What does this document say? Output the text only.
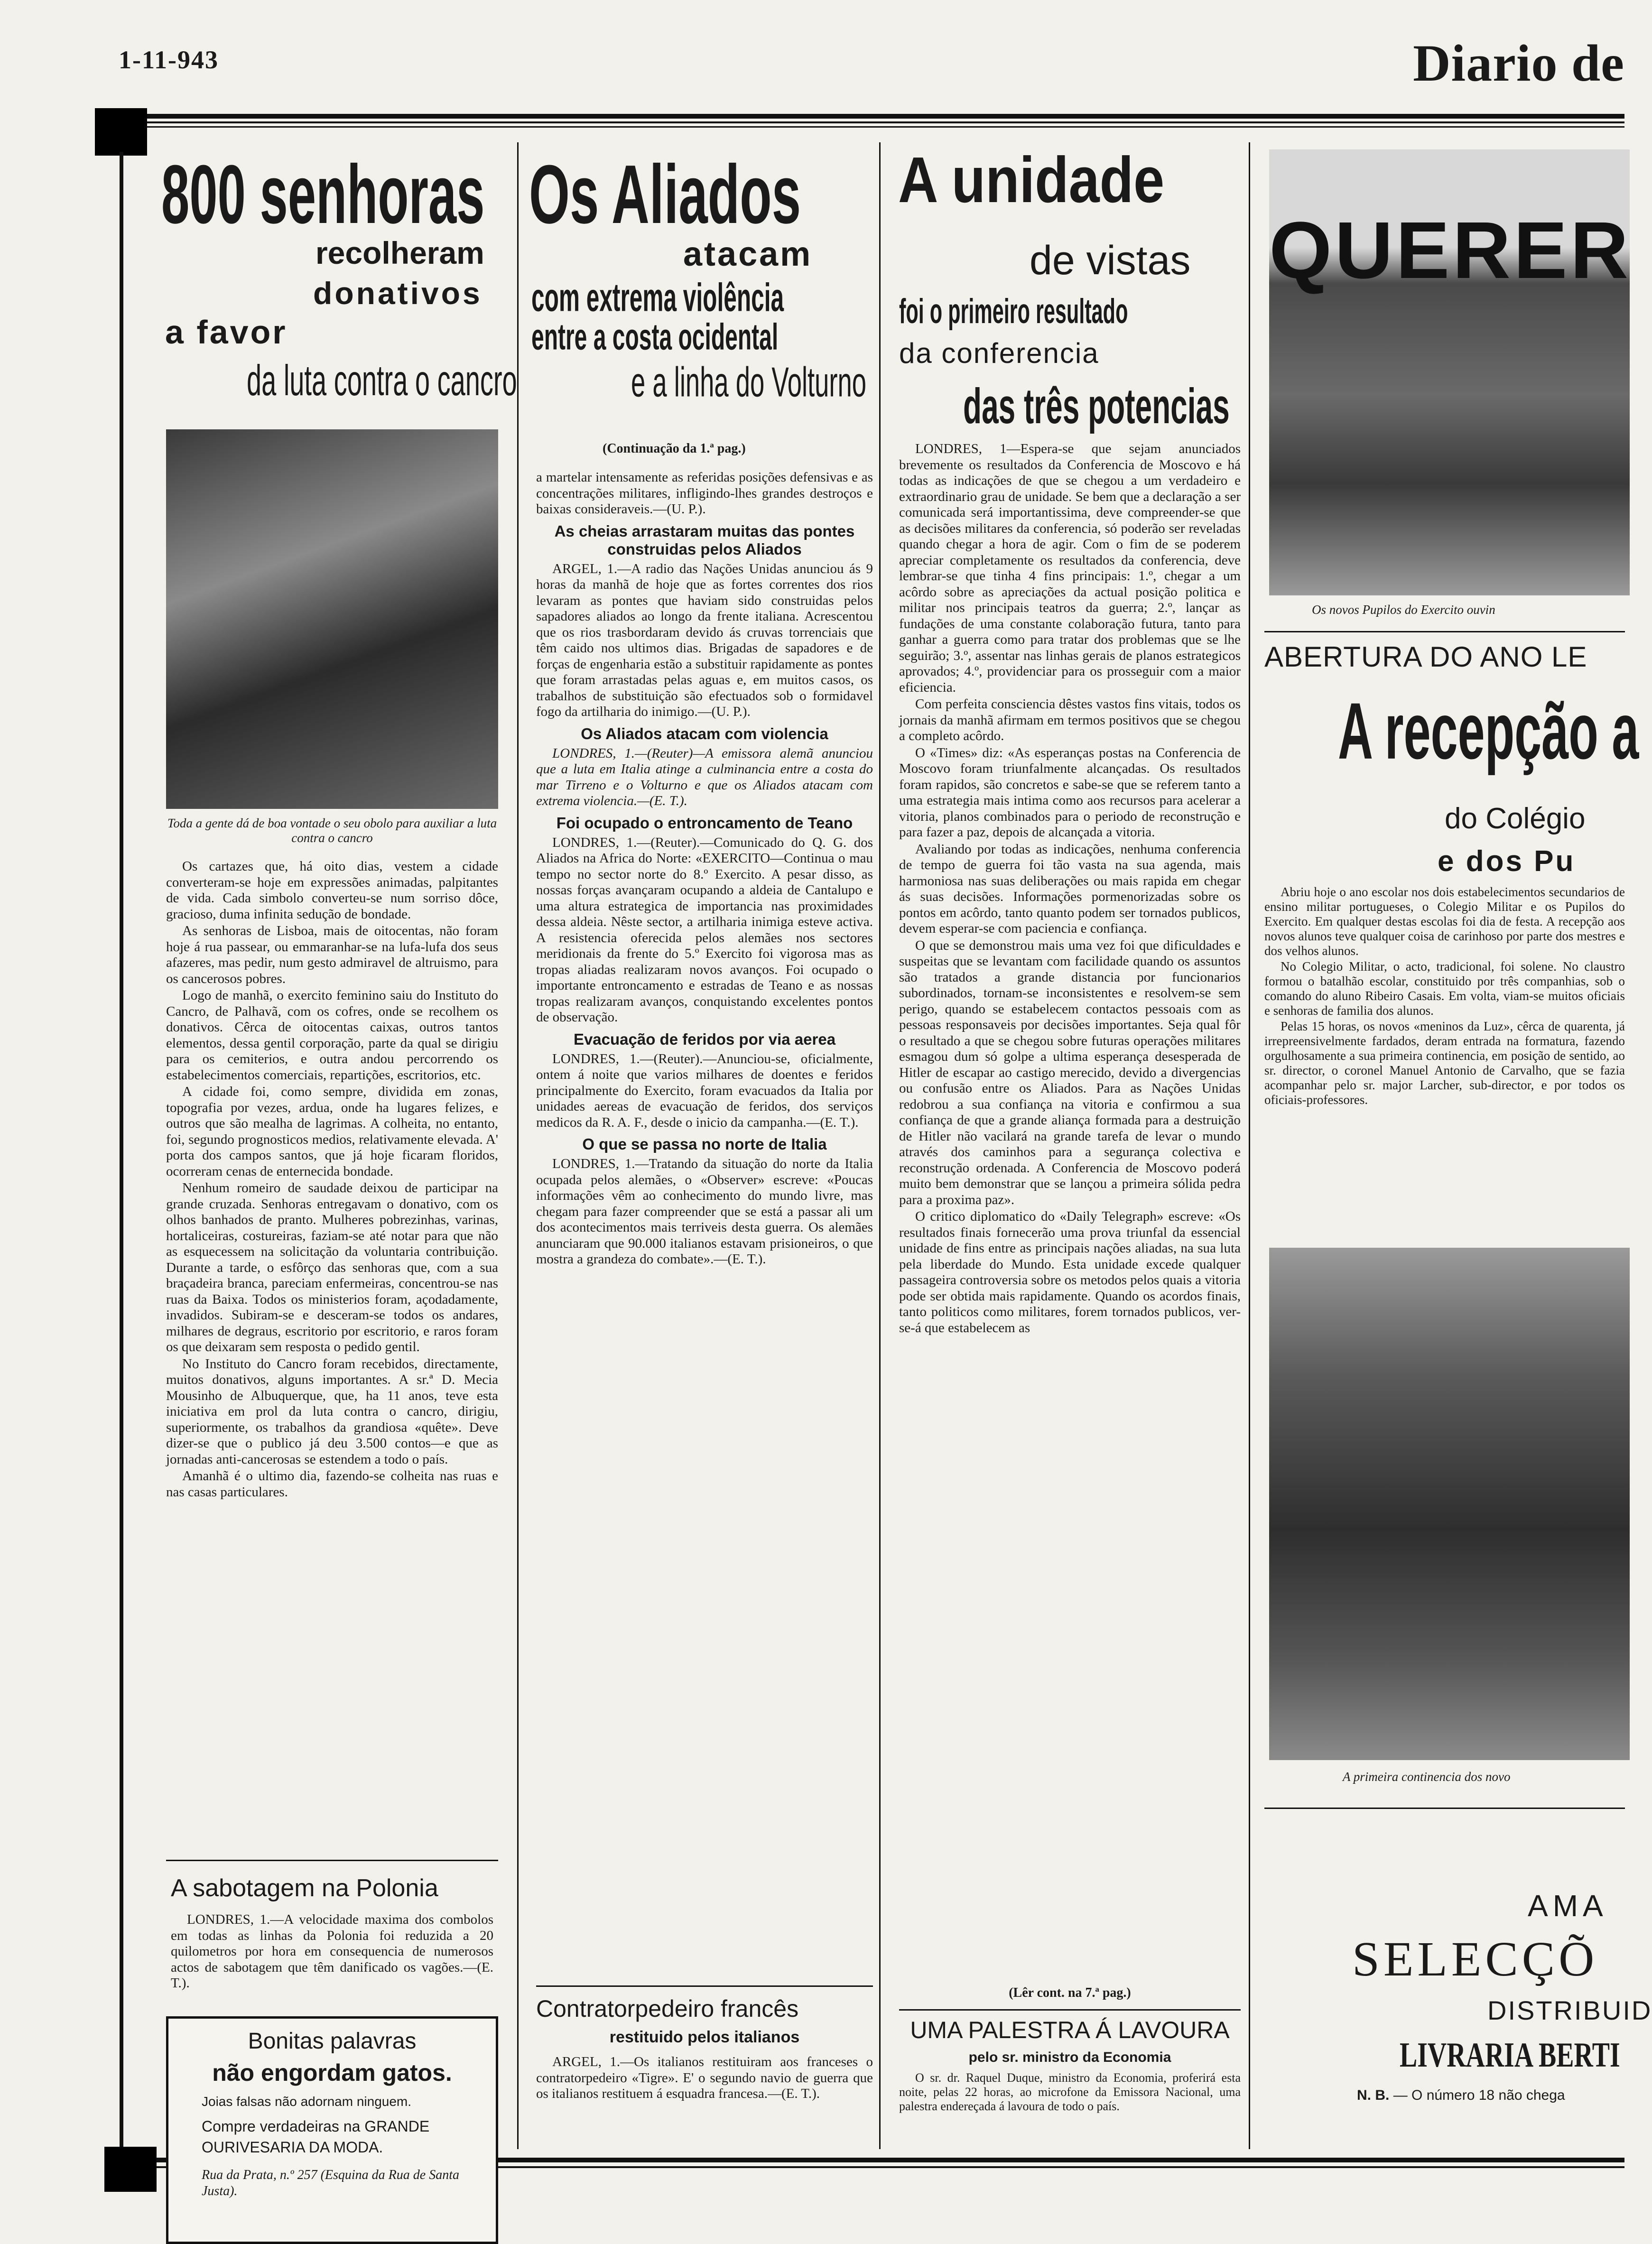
1-11-943	Diario de
800 senhoras
recolheram
donativos
a favor
da luta contra o cancro
Toda a gente dá de boa vontade o seu obolo para auxiliar a luta contra o cancro

Os cartazes que, há oito dias, vestem a cidade converteram-se hoje em expressões animadas, palpitantes de vida. Cada simbolo converteu-se num sorriso dôce, gracioso, duma infinita sedução de bondade.

As senhoras de Lisboa, mais de oitocentas, não foram hoje á rua passear, ou emmaranhar-se na lufa-lufa dos seus afazeres, mas pedir, num gesto admiravel de altruismo, para os cancerosos pobres.

Logo de manhã, o exercito feminino saiu do Instituto do Cancro, de Palhavã, com os cofres, onde se recolhem os donativos. Cêrca de oitocentas caixas, outros tantos elementos, dessa gentil corporação, parte da qual se dirigiu para os cemiterios, e outra andou percorrendo os estabelecimentos comerciais, repartições, escritorios, etc.

A cidade foi, como sempre, dividida em zonas, topografia por vezes, ardua, onde ha lugares felizes, e outros que são mealha de lagrimas. A colheita, no entanto, foi, segundo prognosticos medios, relativamente elevada. A' porta dos campos santos, que já hoje ficaram floridos, ocorreram cenas de enternecida bondade.

Nenhum romeiro de saudade deixou de participar na grande cruzada. Senhoras entregavam o donativo, com os olhos banhados de pranto. Mulheres pobrezinhas, varinas, hortaliceiras, costureiras, faziam-se até notar para que não as esquecessem na solicitação da voluntaria contribuição. Durante a tarde, o esfôrço das senhoras que, com a sua braçadeira branca, pareciam enfermeiras, concentrou-se nas ruas da Baixa. Todos os ministerios foram, açodadamente, invadidos. Subiram-se e desceram-se todos os andares, milhares de degraus, escritorio por escritorio, e raros foram os que deixaram sem resposta o pedido gentil.

No Instituto do Cancro foram recebidos, directamente, muitos donativos, alguns importantes. A sr.ª D. Mecia Mousinho de Albuquerque, que, ha 11 anos, teve esta iniciativa em prol da luta contra o cancro, dirigiu, superiormente, os trabalhos da grandiosa «quête». Deve dizer-se que o publico já deu 3.500 contos—e que as jornadas anti-cancerosas se estendem a todo o país.

Amanhã é o ultimo dia, fazendo-se colheita nas ruas e nas casas particulares.

A sabotagem na Polonia

LONDRES, 1.—A velocidade maxima dos combolos em todas as linhas da Polonia foi reduzida a 20 quilometros por hora em consequencia de numerosos actos de sabotagem que têm danificado os vagões.—(E. T.).

Bonitas palavras
não engordam gatos.
Joias falsas não adornam ninguem.
Compre verdadeiras na GRANDE OURIVESARIA DA MODA.
Rua da Prata, n.º 257 (Esquina da Rua de Santa Justa).
Os Aliados
atacam
com extrema violência
entre a costa ocidental
e a linha do Volturno
(Continuação da 1.ª pag.)

a martelar intensamente as referidas posições defensivas e as concentrações militares, infligindo-lhes grandes destroços e baixas consideraveis.—(U. P.).

As cheias arrastaram muitas das pontes construidas pelos Aliados

ARGEL, 1.—A radio das Nações Unidas anunciou ás 9 horas da manhã de hoje que as fortes correntes dos rios levaram as pontes que haviam sido construidas pelos sapadores aliados ao longo da frente italiana. Acrescentou que os rios trasbordaram devido ás cruvas torrenciais que têm caido nos ultimos dias. Brigadas de sapadores e de forças de engenharia estão a substituir rapidamente as pontes que foram arrastadas pelas aguas e, em muitos casos, os trabalhos de substituição são efectuados sob o formidavel fogo da artilharia do inimigo.—(U. P.).

Os Aliados atacam com violencia

LONDRES, 1.—(Reuter)—A emissora alemã anunciou que a luta em Italia atinge a culminancia entre a costa do mar Tirreno e o Volturno e que os Aliados atacam com extrema violencia.—(E. T.).

Foi ocupado o entroncamento de Teano

LONDRES, 1.—(Reuter).—Comunicado do Q. G. dos Aliados na Africa do Norte: «EXERCITO—Continua o mau tempo no sector norte do 8.º Exercito. A pesar disso, as nossas forças avançaram ocupando a aldeia de Cantalupo e uma altura estrategica de importancia nas proximidades dessa aldeia. Nêste sector, a artilharia inimiga esteve activa. A resistencia oferecida pelos alemães nos sectores meridionais da frente do 5.º Exercito foi vigorosa mas as tropas aliadas realizaram novos avanços. Foi ocupado o importante entroncamento e estradas de Teano e as nossas tropas realizaram avanços, conquistando excelentes pontos de observação.

Evacuação de feridos por via aerea

LONDRES, 1.—(Reuter).—Anunciou-se, oficialmente, ontem á noite que varios milhares de doentes e feridos principalmente do Exercito, foram evacuados da Italia por unidades aereas de evacuação de feridos, dos serviços medicos da R. A. F., desde o inicio da campanha.—(E. T.).

O que se passa no norte de Italia

LONDRES, 1.—Tratando da situação do norte da Italia ocupada pelos alemães, o «Observer» escreve: «Poucas informações vêm ao conhecimento do mundo livre, mas chegam para fazer compreender que se está a passar ali um dos acontecimentos mais terriveis desta guerra. Os alemães anunciaram que 90.000 italianos estavam prisioneiros, o que mostra a grandeza do combate».—(E. T.).

Contratorpedeiro francês
restituido pelos italianos

ARGEL, 1.—Os italianos restituiram aos franceses o contratorpedeiro «Tigre». E' o segundo navio de guerra que os italianos restituem á esquadra francesa.—(E. T.).

A unidade
de vistas
foi o primeiro resultado
da conferencia
das três potencias

LONDRES, 1—Espera-se que sejam anunciados brevemente os resultados da Conferencia de Moscovo e há todas as indicações de que se chegou a um verdadeiro e extraordinario grau de unidade. Se bem que a declaração a ser comunicada será importantissima, deve compreender-se que as decisões militares da conferencia, só poderão ser reveladas quando chegar a hora de agir. Com o fim de se poderem apreciar completamente os resultados da conferencia, deve lembrar-se que tinha 4 fins principais: 1.º, chegar a um acôrdo sobre as apreciações da actual posição politica e militar nos principais teatros da guerra; 2.º, lançar as fundações de uma constante colaboração futura, tanto para ganhar a guerra como para tratar dos problemas que se lhe seguirão; 3.º, assentar nas linhas gerais de planos estrategicos aprovados; 4.º, providenciar para os prosseguir com a maior eficiencia.

Com perfeita consciencia dêstes vastos fins vitais, todos os jornais da manhã afirmam em termos positivos que se chegou a completo acôrdo.

O «Times» diz: «As esperanças postas na Conferencia de Moscovo foram triunfalmente alcançadas. Os resultados foram rapidos, são concretos e sabe-se que se referem tanto a uma estrategia mais intima como aos recursos para acelerar a vitoria, planos combinados para o periodo de reconstrução e para fazer a paz, depois de alcançada a vitoria.

Avaliando por todas as indicações, nenhuma conferencia de tempo de guerra foi tão vasta na sua agenda, mais harmoniosa nas suas deliberações ou mais rapida em chegar ás suas decisões. Informações pormenorizadas sobre os pontos em acôrdo, tanto quanto podem ser tornados publicos, devem esperar-se com paciencia e confiança.

O que se demonstrou mais uma vez foi que dificuldades e suspeitas que se levantam com facilidade quando os assuntos são tratados a grande distancia por funcionarios subordinados, tornam-se inconsistentes e resolvem-se sem perigo, quando se estabelecem contactos pessoais com as pessoas responsaveis por decisões importantes. Seja qual fôr o resultado a que se chegou sobre futuras operações militares esmagou dum só golpe a ultima esperança desesperada de Hitler de escapar ao castigo merecido, devido a divergencias ou confusão entre os Aliados. Para as Nações Unidas redobrou a sua confiança na vitoria e confirmou a sua confiança de que a grande aliança formada para a destruição de Hitler não vacilará na grande tarefa de levar o mundo através dos caminhos para a segurança colectiva e reconstrução ordenada. A Conferencia de Moscovo poderá muito bem demonstrar que se lançou a primeira sólida pedra para a proxima paz».

O critico diplomatico do «Daily Telegraph» escreve: «Os resultados finais fornecerão uma prova triunfal da essencial unidade de fins entre as principais nações aliadas, na sua luta pela liberdade do Mundo. Esta unidade excede qualquer passageira controversia sobre os metodos pelos quais a vitoria pode ser obtida mais rapidamente. Quando os acordos finais, tanto politicos como militares, forem tornados publicos, ver-se-á que estabelecem as

(Lêr cont. na 7.ª pag.)
UMA PALESTRA Á LAVOURA
pelo sr. ministro da Economia

O sr. dr. Raquel Duque, ministro da Economia, proferirá esta noite, pelas 22 horas, ao microfone da Emissora Nacional, uma palestra endereçada á lavoura de todo o país.

QUERER
Os novos Pupilos do Exercito ouvin
ABERTURA DO ANO LE
A recepção a
do Colégio
e dos Pu

Abriu hoje o ano escolar nos dois estabelecimentos secundarios de ensino militar portugueses, o Colegio Militar e os Pupilos do Exercito. Em qualquer destas escolas foi dia de festa. A recepção aos novos alunos teve qualquer coisa de carinhoso por parte dos mestres e dos velhos alunos.

No Colegio Militar, o acto, tradicional, foi solene. No claustro formou o batalhão escolar, constituido por três companhias, sob o comando do aluno Ribeiro Casais. Em volta, viam-se muitos oficiais e senhoras de familia dos alunos.

Pelas 15 horas, os novos «meninos da Luz», cêrca de quarenta, já irrepreensivelmente fardados, deram entrada na formatura, fazendo orgulhosamente a sua primeira continencia, em posição de sentido, ao sr. director, o coronel Manuel Antonio de Carvalho, que se fazia acompanhar pelo sr. major Larcher, sub-director, e por todos os oficiais-professores.

A primeira continencia dos novo
AMA
SELECÇÕ
DISTRIBUID
LIVRARIA BERTI
N. B. — O número 18 não chega
